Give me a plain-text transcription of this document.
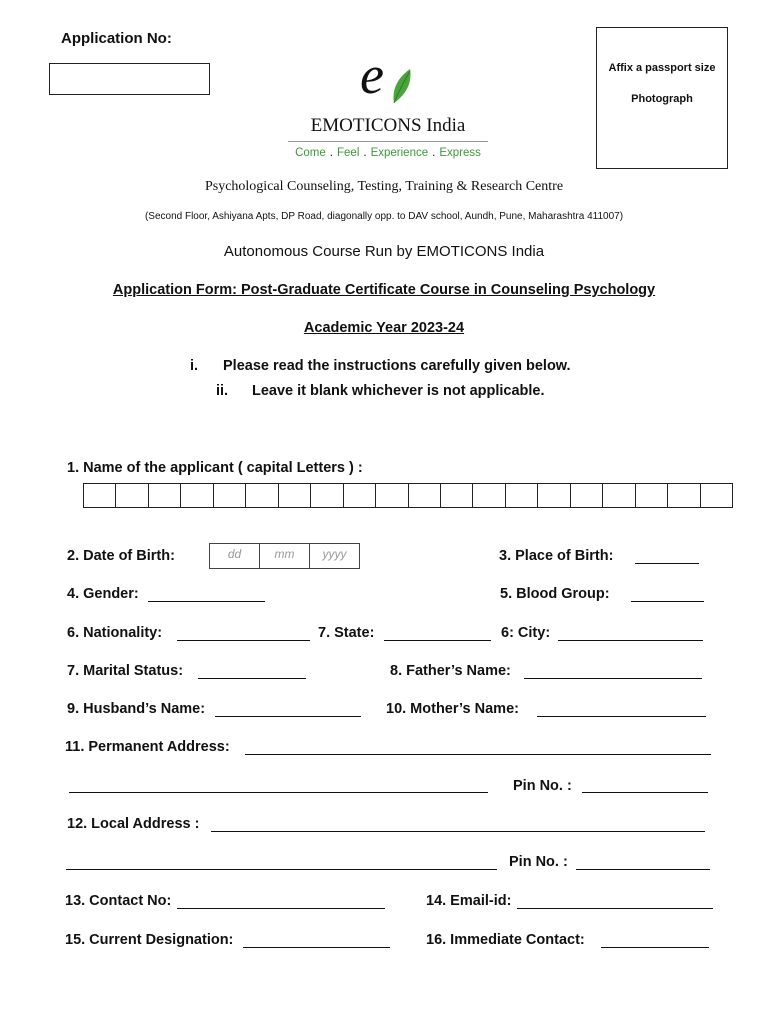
Application No:
Affix a passport size
Photograph
e
EMOTICONS India
Come . Feel . Experience . Express
Psychological Counseling, Testing, Training & Research Centre
(Second Floor, Ashiyana Apts, DP Road, diagonally opp. to DAV school, Aundh, Pune, Maharashtra 411007)
Autonomous Course Run by EMOTICONS India
Application Form: Post-Graduate Certificate Course in Counseling Psychology
Academic Year 2023-24
i. Please read the instructions carefully given below.
ii. Leave it blank whichever is not applicable.
1. Name of the applicant ( capital Letters ) :
2. Date of Birth:	dd	mm	yyyy	3. Place of Birth:
4. Gender:	5. Blood Group:
6. Nationality:	7. State:	6: City:
7. Marital Status:	8. Father’s Name:
9. Husband’s Name:	10. Mother’s Name:
11. Permanent Address:
Pin No. :
12. Local Address :
Pin No. :
13. Contact No:	14. Email-id:
15. Current Designation:	16. Immediate Contact:
